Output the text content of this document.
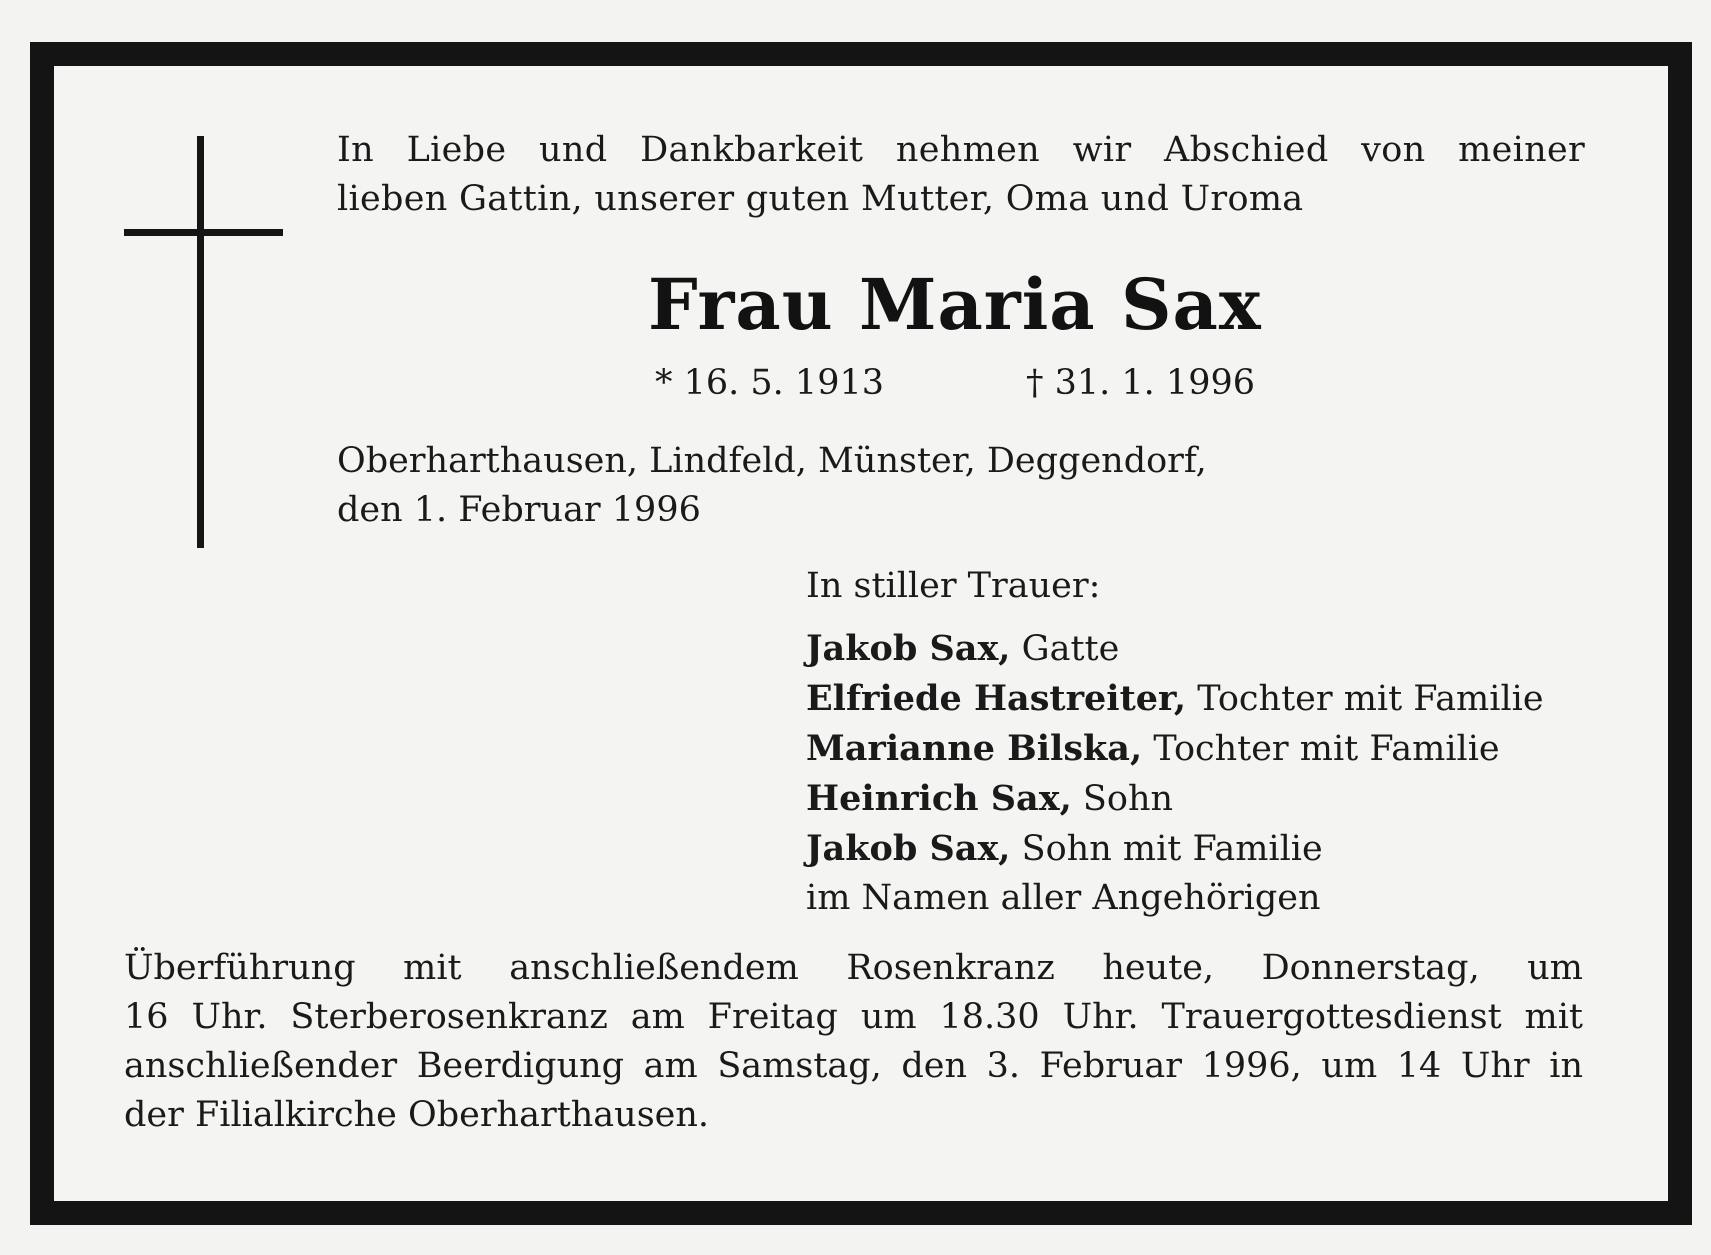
In Liebe und Dankbarkeit nehmen wir Abschied von meiner
lieben Gattin, unserer guten Mutter, Oma und Uroma
Frau Maria Sax
* 16. 5. 1913	† 31. 1. 1996
Oberharthausen, Lindfeld, Münster, Deggendorf,
den 1. Februar 1996
In stiller Trauer:
Jakob Sax, Gatte
Elfriede Hastreiter, Tochter mit Familie
Marianne Bilska, Tochter mit Familie
Heinrich Sax, Sohn
Jakob Sax, Sohn mit Familie
im Namen aller Angehörigen
Überführung mit anschließendem Rosenkranz heute, Donnerstag, um
16 Uhr. Sterberosenkranz am Freitag um 18.30 Uhr. Trauergottesdienst mit
anschließender Beerdigung am Samstag, den 3. Februar 1996, um 14 Uhr in
der Filialkirche Oberharthausen.
